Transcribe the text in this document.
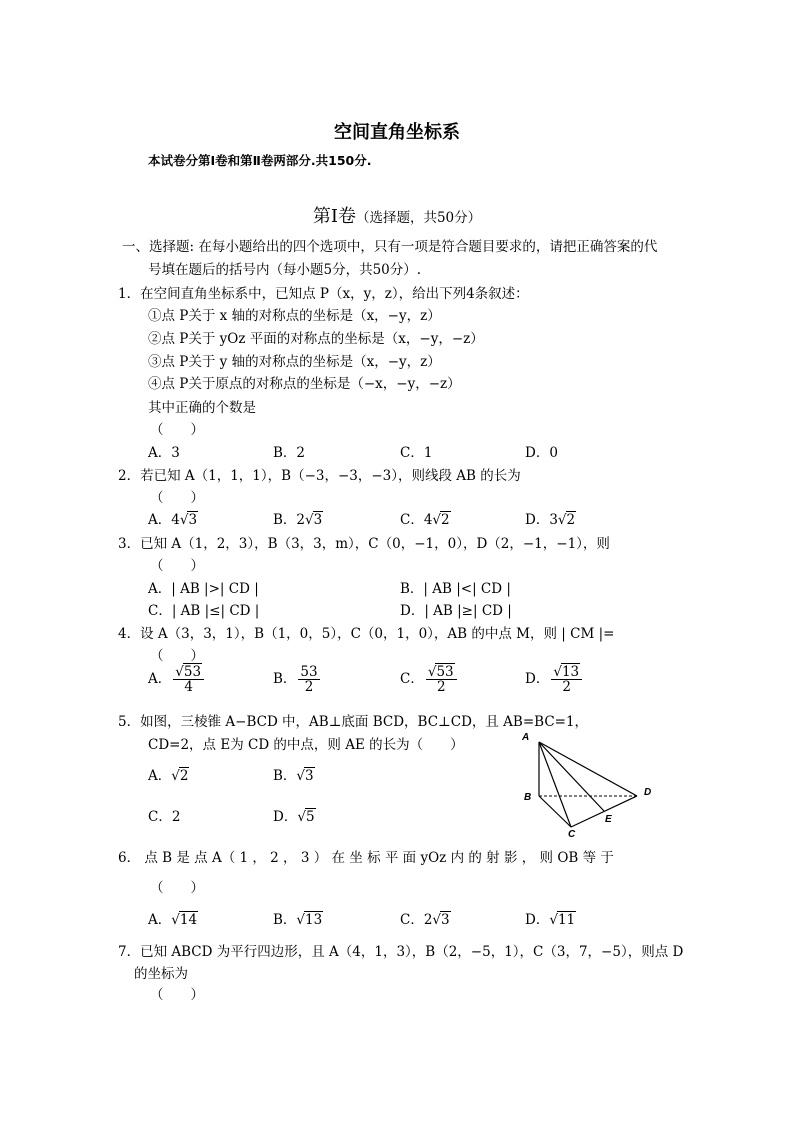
空间直角坐标系
本试卷分第Ⅰ卷和第Ⅱ卷两部分.共150分.
第Ⅰ卷（选择题，共50分）
一、选择题: 在每小题给出的四个选项中，只有一项是符合题目要求的，请把正确答案的代
号填在题后的括号内（每小题5分，共50分）.
1．在空间直角坐标系中，已知点 P（x，y，z），给出下列4条叙述：
①点 P关于 x 轴的对称点的坐标是（x，−y，z）
②点 P关于 yOz 平面的对称点的坐标是（x，−y，−z）
③点 P关于 y 轴的对称点的坐标是（x，−y，z）
④点 P关于原点的对称点的坐标是（−x，−y，−z）
其中正确的个数是
（　　）
A．3	B．2	C．1	D．0
2．若已知 A（1，1，1），B（−3，−3，−3），则线段 AB 的长为
（　　）
A．4√3	B．2√3	C．4√2	D．3√2
3．已知 A（1，2，3），B（3，3，m），C（0，−1，0），D（2，−1，−1），则
（　　）
A．| AB |>| CD |	B．| AB |<| CD |
C．| AB |≤| CD |	D．| AB |≥| CD |
4．设 A（3，3，1），B（1，0，5），C（0，1，0），AB 的中点 M，则 | CM |=
（　　）
A． $\frac{√53}{4}$	B． $\frac{53}{2}$	C． $\frac{√53}{2}$	D． $\frac{√13}{2}$
5．如图，三棱锥 A−BCD 中，AB⊥底面 BCD，BC⊥CD，且 AB=BC=1，
CD=2，点 E为 CD 的中点，则 AE 的长为（　　）
A．√2	B．√3
C．2	D．√5
A
B
C
D
E
6． 点 B 是 点 A（ 1 ， 2 ， 3 ） 在 坐 标 平 面 yOz 内 的 射 影 ， 则 OB 等 于
（　　）
A．√14	B．√13	C．2√3	D．√11
7．已知 ABCD 为平行四边形，且 A（4，1，3），B（2，−5，1），C（3，7，−5），则点 D
的坐标为
（　　）
